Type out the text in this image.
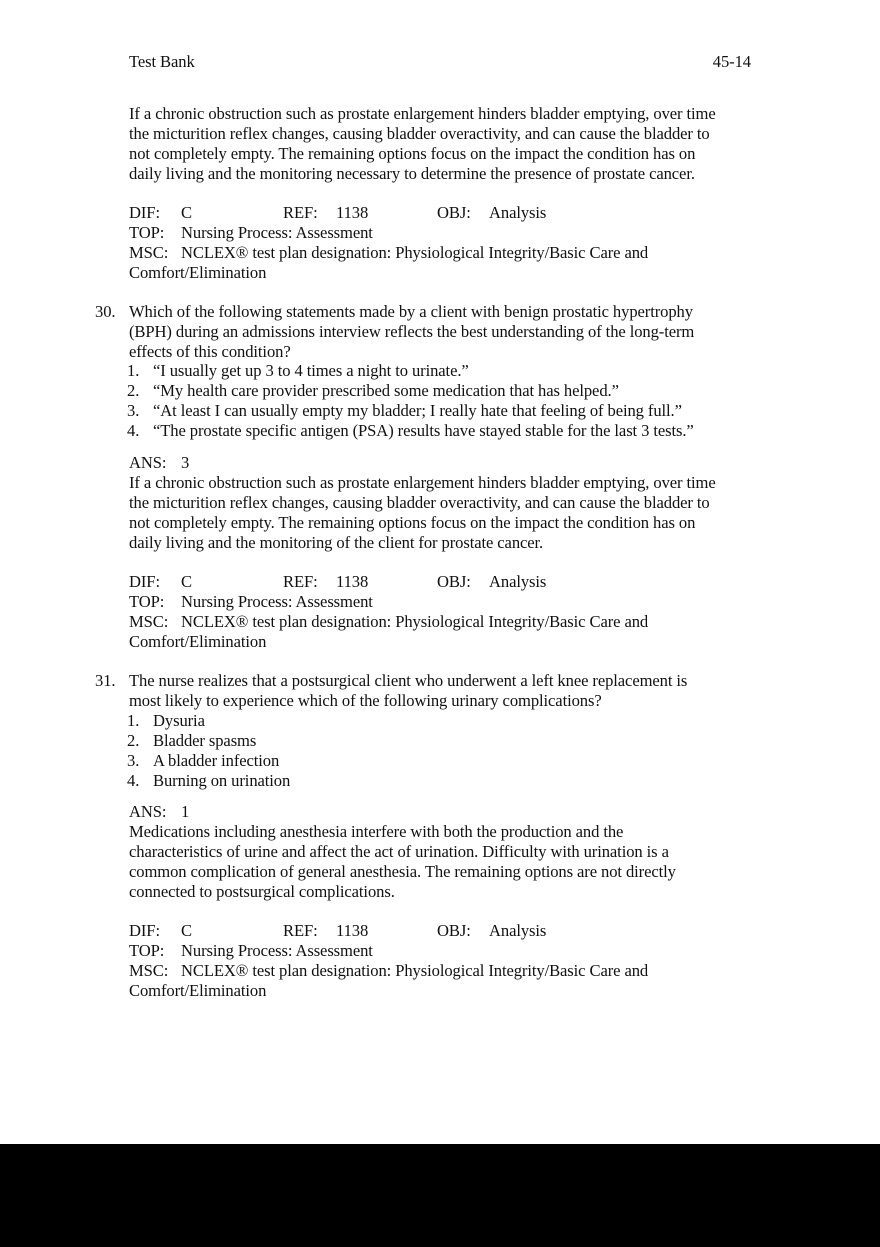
Test Bank	45-14
If a chronic obstruction such as prostate enlargement hinders bladder emptying, over time
the micturition reflex changes, causing bladder overactivity, and can cause the bladder to
not completely empty. The remaining options focus on the impact the condition has on
daily living and the monitoring necessary to determine the presence of prostate cancer.
DIF: C	REF: 1138	OBJ: Analysis
TOP: Nursing Process: Assessment
MSC: NCLEX® test plan designation: Physiological Integrity/Basic Care and
Comfort/Elimination
30. Which of the following statements made by a client with benign prostatic hypertrophy
(BPH) during an admissions interview reflects the best understanding of the long-term
effects of this condition?
1. “I usually get up 3 to 4 times a night to urinate.”
2. “My health care provider prescribed some medication that has helped.”
3. “At least I can usually empty my bladder; I really hate that feeling of being full.”
4. “The prostate specific antigen (PSA) results have stayed stable for the last 3 tests.”
ANS: 3
If a chronic obstruction such as prostate enlargement hinders bladder emptying, over time
the micturition reflex changes, causing bladder overactivity, and can cause the bladder to
not completely empty. The remaining options focus on the impact the condition has on
daily living and the monitoring of the client for prostate cancer.
DIF: C	REF: 1138	OBJ: Analysis
TOP: Nursing Process: Assessment
MSC: NCLEX® test plan designation: Physiological Integrity/Basic Care and
Comfort/Elimination
31. The nurse realizes that a postsurgical client who underwent a left knee replacement is
most likely to experience which of the following urinary complications?
1. Dysuria
2. Bladder spasms
3. A bladder infection
4. Burning on urination
ANS: 1
Medications including anesthesia interfere with both the production and the
characteristics of urine and affect the act of urination. Difficulty with urination is a
common complication of general anesthesia. The remaining options are not directly
connected to postsurgical complications.
DIF: C	REF: 1138	OBJ: Analysis
TOP: Nursing Process: Assessment
MSC: NCLEX® test plan designation: Physiological Integrity/Basic Care and
Comfort/Elimination
